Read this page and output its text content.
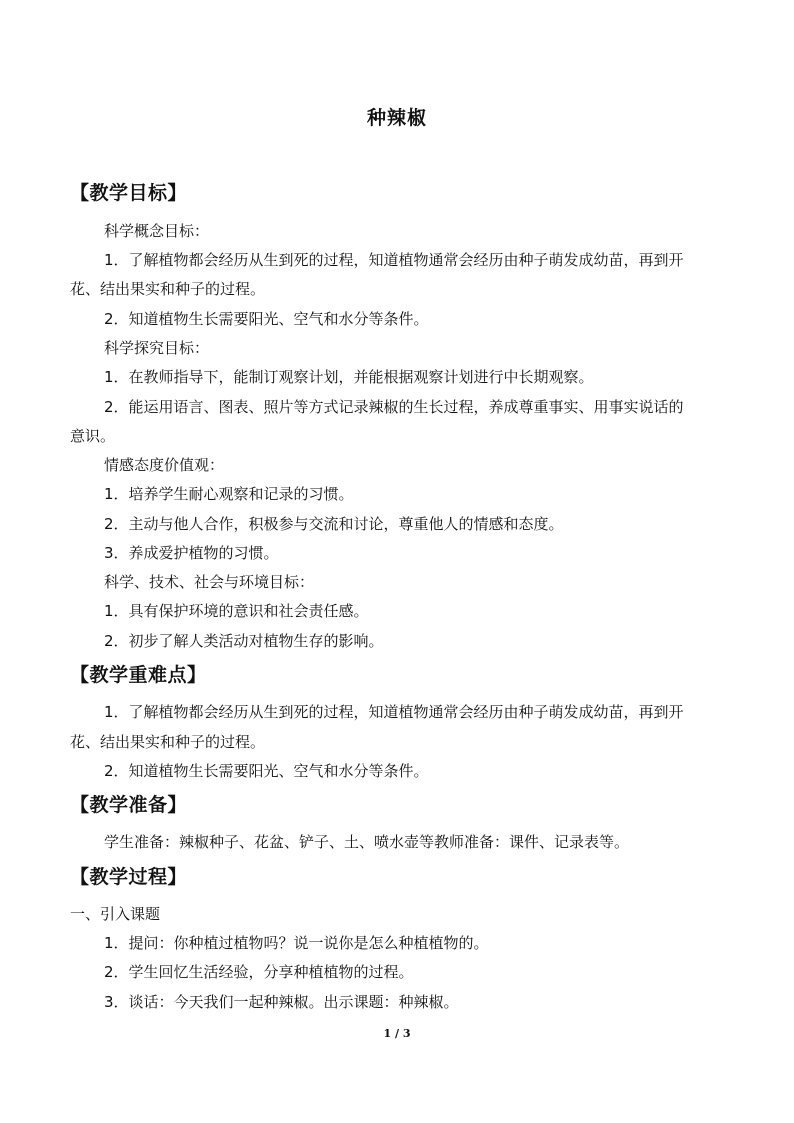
种辣椒
【教学目标】
科学概念目标：
1．了解植物都会经历从生到死的过程，知道植物通常会经历由种子萌发成幼苗，再到开
花、结出果实和种子的过程。
2．知道植物生长需要阳光、空气和水分等条件。
科学探究目标：
1．在教师指导下，能制订观察计划，并能根据观察计划进行中长期观察。
2．能运用语言、图表、照片等方式记录辣椒的生长过程，养成尊重事实、用事实说话的
意识。
情感态度价值观：
1．培养学生耐心观察和记录的习惯。
2．主动与他人合作，积极参与交流和讨论，尊重他人的情感和态度。
3．养成爱护植物的习惯。
科学、技术、社会与环境目标：
1．具有保护环境的意识和社会责任感。
2．初步了解人类活动对植物生存的影响。
【教学重难点】
1．了解植物都会经历从生到死的过程，知道植物通常会经历由种子萌发成幼苗，再到开
花、结出果实和种子的过程。
2．知道植物生长需要阳光、空气和水分等条件。
【教学准备】
学生准备：辣椒种子、花盆、铲子、土、喷水壶等教师准备：课件、记录表等。
【教学过程】
一、引入课题
1．提问：你种植过植物吗？说一说你是怎么种植植物的。
2．学生回忆生活经验，分享种植植物的过程。
3．谈话：今天我们一起种辣椒。出示课题：种辣椒。
1 / 3
